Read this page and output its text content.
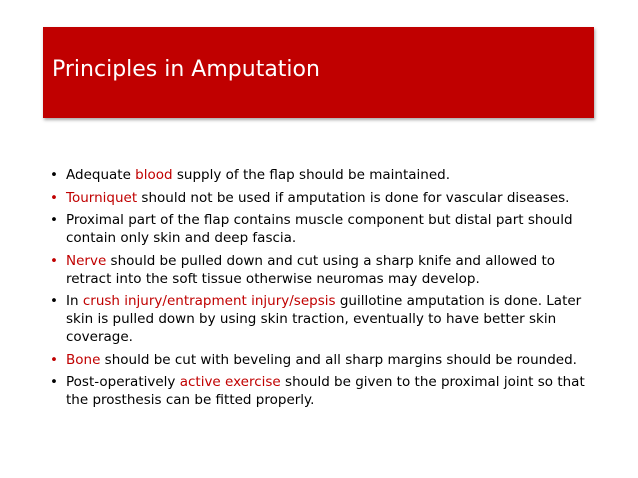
Principles in Amputation
• Adequate blood supply of the flap should be maintained.
• Tourniquet should not be used if amputation is done for vascular diseases.
• Proximal part of the flap contains muscle component but distal part should contain only skin and deep fascia.
• Nerve should be pulled down and cut using a sharp knife and allowed to retract into the soft tissue otherwise neuromas may develop.
• In crush injury/entrapment injury/sepsis guillotine amputation is done. Later skin is pulled down by using skin traction, eventually to have better skin coverage.
• Bone should be cut with beveling and all sharp margins should be rounded.
• Post-operatively active exercise should be given to the proximal joint so that the prosthesis can be fitted properly.
